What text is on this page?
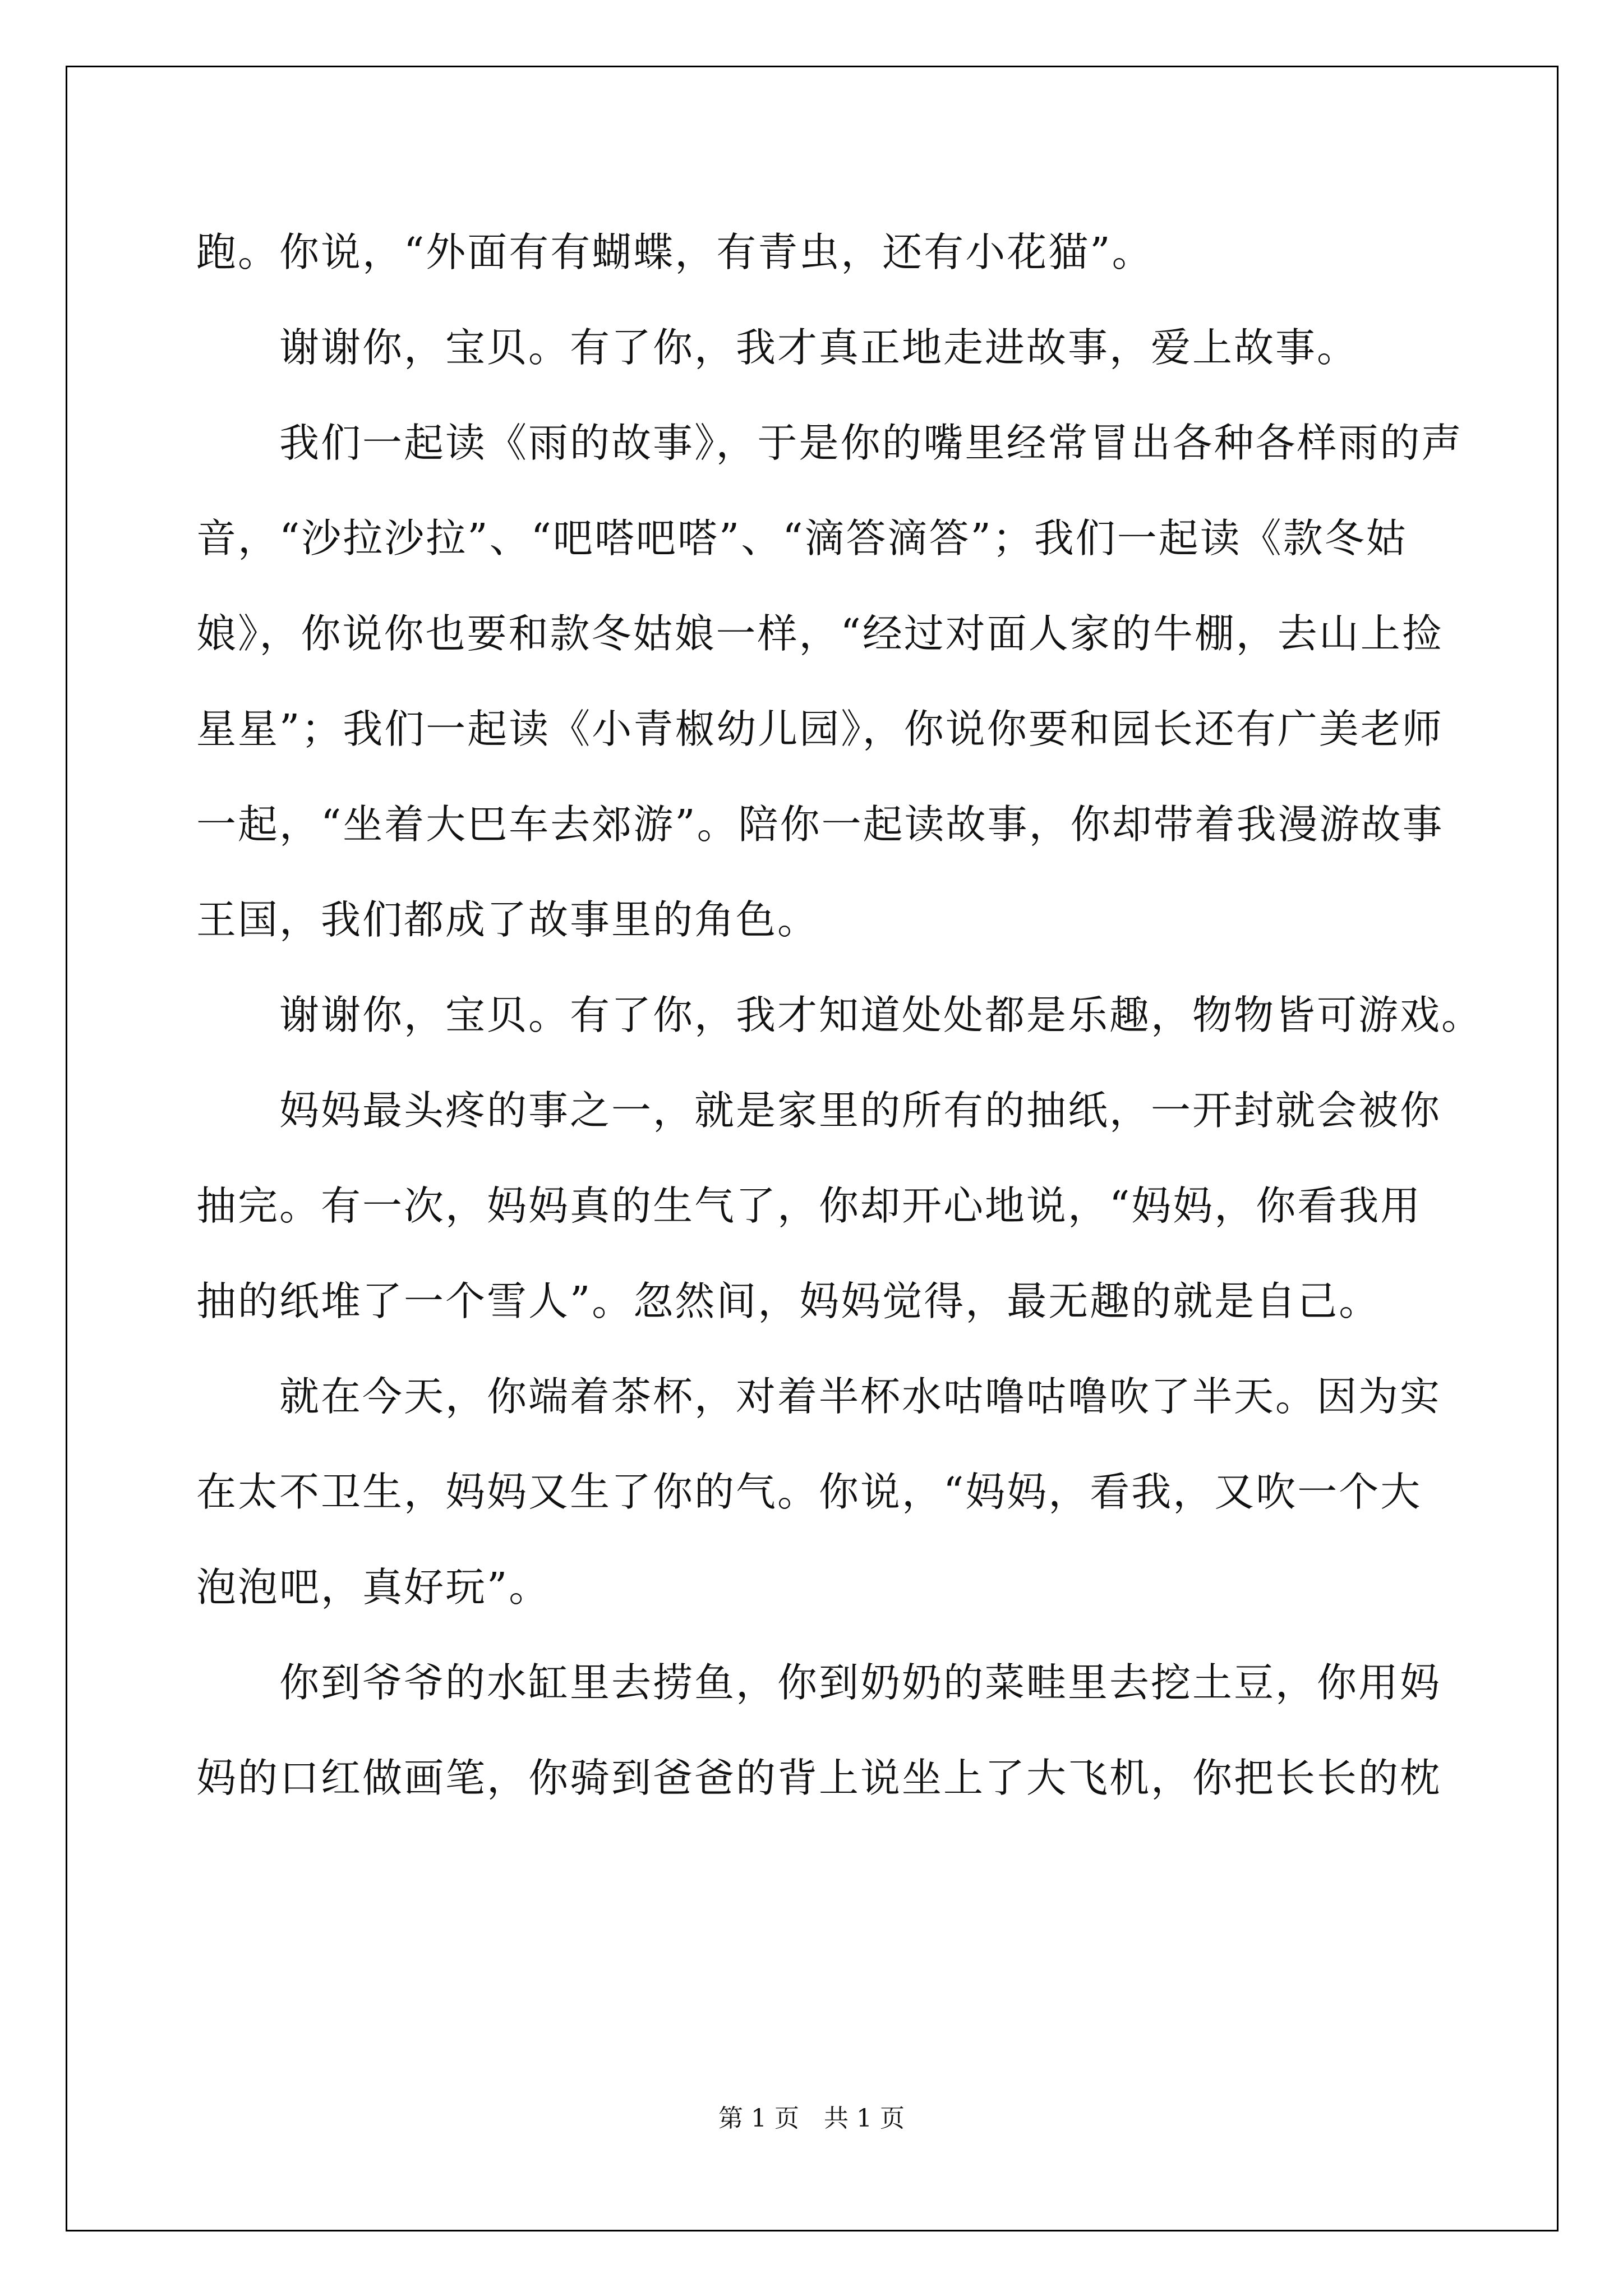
跑。你说，“外面有有蝴蝶，有青虫，还有小花猫”。
谢谢你，宝贝。有了你，我才真正地走进故事，爱上故事。
我们一起读《雨的故事》，于是你的嘴里经常冒出各种各样雨的声
音，“沙拉沙拉”、“吧嗒吧嗒”、“滴答滴答”；我们一起读《款冬姑
娘》，你说你也要和款冬姑娘一样，“经过对面人家的牛棚，去山上捡
星星”；我们一起读《小青椒幼儿园》，你说你要和园长还有广美老师
一起，“坐着大巴车去郊游”。陪你一起读故事，你却带着我漫游故事
王国，我们都成了故事里的角色。
谢谢你，宝贝。有了你，我才知道处处都是乐趣，物物皆可游戏。
妈妈最头疼的事之一，就是家里的所有的抽纸，一开封就会被你
抽完。有一次，妈妈真的生气了，你却开心地说，“妈妈，你看我用
抽的纸堆了一个雪人”。忽然间，妈妈觉得，最无趣的就是自己。
就在今天，你端着茶杯，对着半杯水咕噜咕噜吹了半天。因为实
在太不卫生，妈妈又生了你的气。你说，“妈妈，看我，又吹一个大
泡泡吧，真好玩”。
你到爷爷的水缸里去捞鱼，你到奶奶的菜畦里去挖土豆，你用妈
妈的口红做画笔，你骑到爸爸的背上说坐上了大飞机，你把长长的枕
第 1 页　共 1 页
